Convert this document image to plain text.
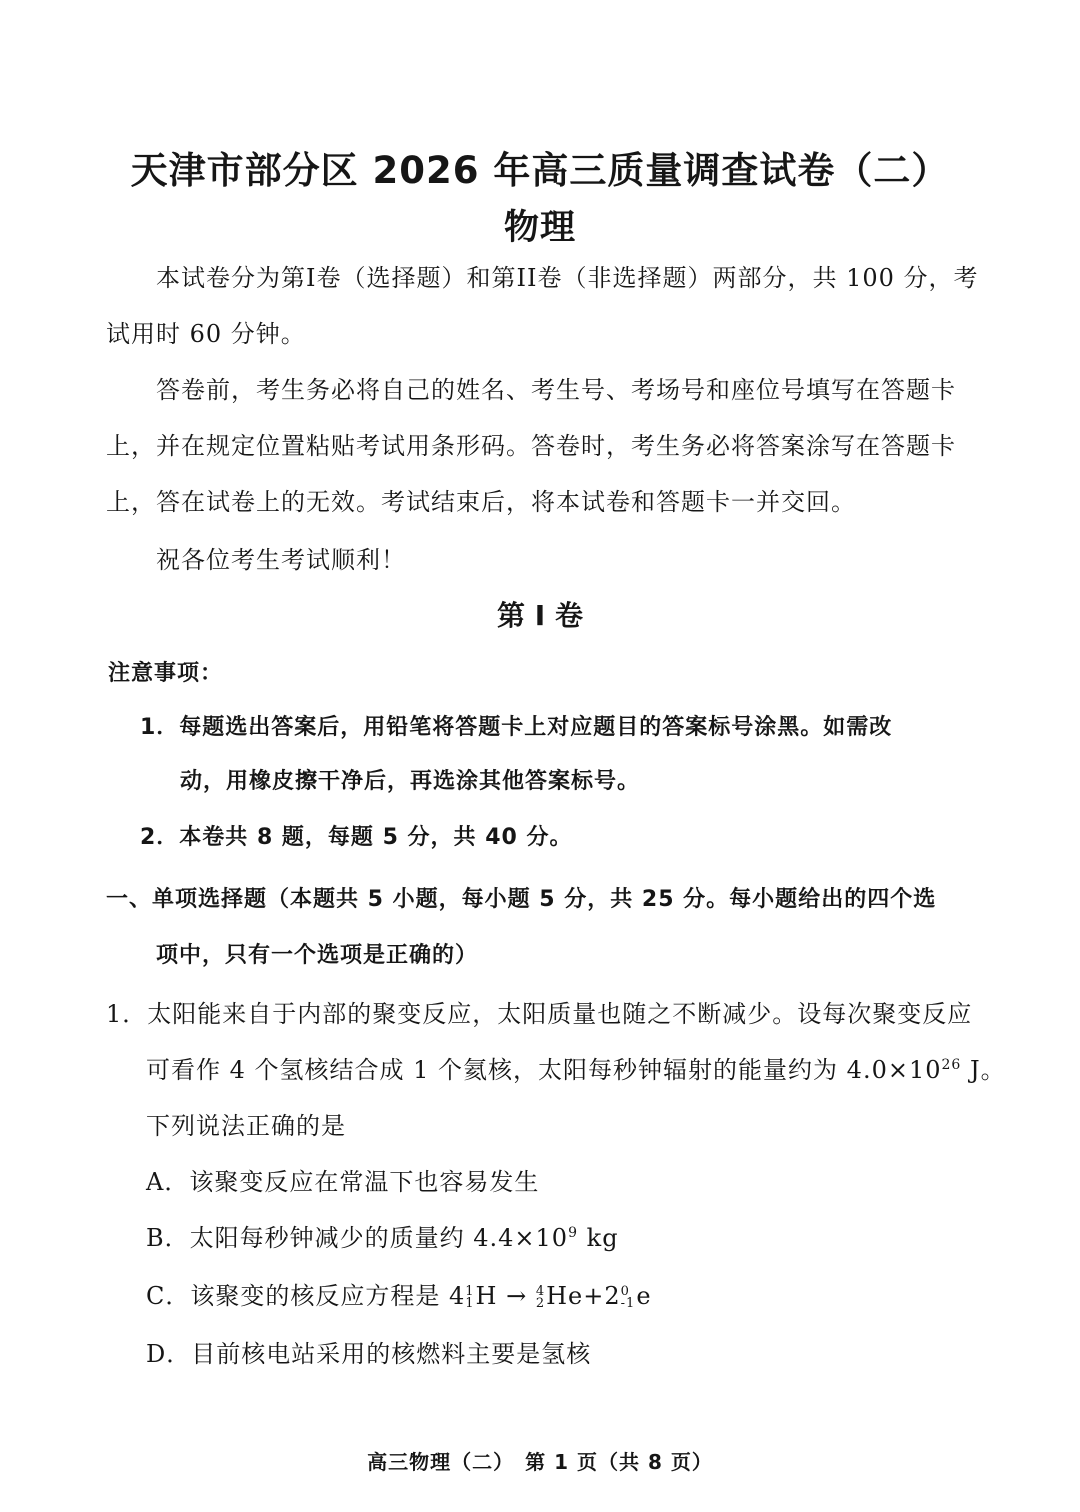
天津市部分区 2026 年高三质量调查试卷（二）
物理
本试卷分为第I卷（选择题）和第II卷（非选择题）两部分，共 100 分，考
试用时 60 分钟。
答卷前，考生务必将自己的姓名、考生号、考场号和座位号填写在答题卡
上，并在规定位置粘贴考试用条形码。答卷时，考生务必将答案涂写在答题卡
上，答在试卷上的无效。考试结束后，将本试卷和答题卡一并交回。
祝各位考生考试顺利！
第 I 卷
注意事项：
1．每题选出答案后，用铅笔将答题卡上对应题目的答案标号涂黑。如需改
动，用橡皮擦干净后，再选涂其他答案标号。
2．本卷共 8 题，每题 5 分，共 40 分。
一、单项选择题（本题共 5 小题，每小题 5 分，共 25 分。每小题给出的四个选
项中，只有一个选项是正确的）
1．太阳能来自于内部的聚变反应，太阳质量也随之不断减少。设每次聚变反应
可看作 4 个氢核结合成 1 个氦核，太阳每秒钟辐射的能量约为 $4.0\times 10^{26}$ J。
下列说法正确的是
A．该聚变反应在常温下也容易发生
B．太阳每秒钟减少的质量约 $4.4\times 10^9$ kg
C．该聚变的核反应方程是 4 1
1 H → 4
2 He+2 0
-1 e
D．目前核电站采用的核燃料主要是氢核
高三物理（二）　第 1 页（共 8 页）
